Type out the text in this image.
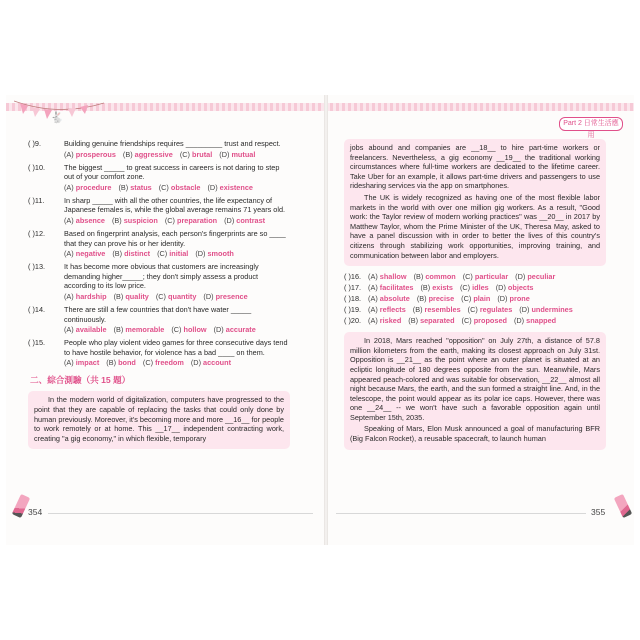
🐇	Part 2 日常生活應用
( )9.	Building genuine friendships requires _________ trust and respect.
(A) prosperous (B) aggressive (C) brutal (D) mutual
( )10.	The biggest _____ to great success in careers is not daring to step out of your comfort zone.
(A) procedure (B) status (C) obstacle (D) existence
( )11.	In sharp _____ with all the other countries, the life expectancy of Japanese females is, while the global average remains 71 years old.
(A) absence (B) suspicion (C) preparation (D) contrast
( )12.	Based on fingerprint analysis, each person's fingerprints are so ____ that they can prove his or her identity.
(A) negative (B) distinct (C) initial (D) smooth
( )13.	It has become more obvious that customers are increasingly demanding higher_____; they don't simply assess a product according to its low price.
(A) hardship (B) quality (C) quantity (D) presence
( )14.	There are still a few countries that don't have water _____ continuously.
(A) available (B) memorable (C) hollow (D) accurate
( )15.	People who play violent video games for three consecutive days tend to have hostile behavior, for violence has a bad ____ on them.
(A) impact (B) bond (C) freedom (D) account
二、綜合測驗（共 15 題）

In the modern world of digitalization, computers have progressed to the point that they are capable of replacing the tasks that could only done by human previously. Moreover, it's becoming more and more __16__ for people to work remotely or at home. This __17__ independent contracting work, creating "a gig economy," in which flexible, temporary

354

jobs abound and companies are __18__ to hire part-time workers or freelancers. Nevertheless, a gig economy __19__ the traditional working circumstances where full-time workers are dedicated to the lifetime career. Take Uber for an example, it allows part-time drivers and passengers to use ridesharing services via the app on smartphones.

The UK is widely recognized as having one of the most flexible labor markets in the world with over one million gig workers. As a result, "Good work: the Taylor review of modern working practices" was __20__ in 2017 by Matthew Taylor, whom the Prime Minister of the UK, Theresa May, asked to have a panel discussion with in order to better the lives of this country's citizens through stabilizing work opportunities, improving training, and communication between labor and employers.

( )16. (A) shallow (B) common (C) particular (D) peculiar
( )17. (A) facilitates (B) exists (C) idles (D) objects
( )18. (A) absolute (B) precise (C) plain (D) prone
( )19. (A) reflects (B) resembles (C) regulates (D) undermines
( )20. (A) risked (B) separated (C) proposed (D) snapped

In 2018, Mars reached "opposition" on July 27th, a distance of 57.8 million kilometers from the earth, making its closest approach on July 31st. Opposition is __21__ as the point where an outer planet is situated at an ecliptic longitude of 180 degrees opposite from the sun. Meanwhile, Mars appeared peach-colored and was suitable for observation, __22__ almost all night because Mars, the earth, and the sun formed a straight line. And, in the telescope, the point would appear as its polar ice caps. However, there was one __24__ -- we won't have such a favorable opposition again until September 15th, 2035.

Speaking of Mars, Elon Musk announced a goal of manufacturing BFR (Big Falcon Rocket), a reusable spacecraft, to launch human

355
